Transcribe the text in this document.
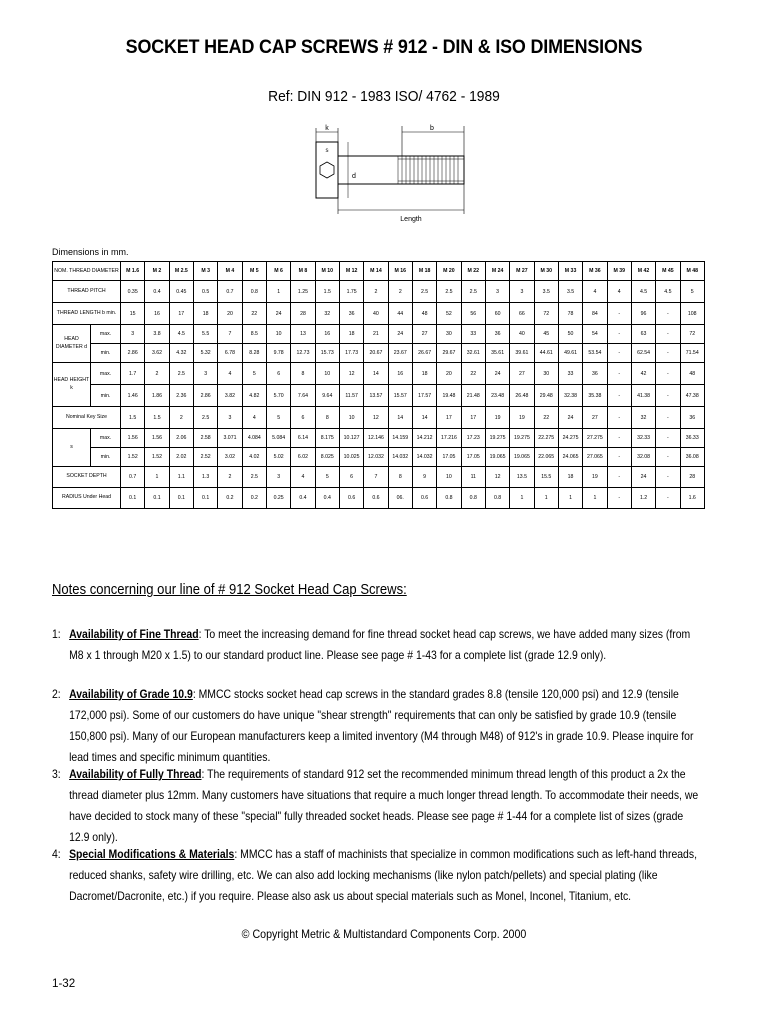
SOCKET HEAD CAP SCREWS # 912 - DIN & ISO DIMENSIONS
Ref: DIN 912 - 1983 ISO/ 4762 - 1989
k	b
s
d
Length
Dimensions in mm.
NOM. THREAD DIAMETER		M 1.6	M 2	M 2.5	M 3	M 4	M 5	M 6	M 8	M 10	M 12	M 14	M 16	M 18	M 20	M 22	M 24	M 27	M 30	M 33	M 36	M 39	M 42	M 45	M 48
THREAD PITCH		0.35	0.4	0.45	0.5	0.7	0.8	1	1.25	1.5	1.75	2	2	2.5	2.5	2.5	3	3	3.5	3.5	4	4	4.5	4.5	5
THREAD LENGTH b min.		15	16	17	18	20	22	24	28	32	36	40	44	48	52	56	60	66	72	78	84	-	96	-	108
HEAD DIAMETER d	max.	3	3.8	4.5	5.5	7	8.5	10	13	16	18	21	24	27	30	33	36	40	45	50	54	-	63	-	72
	min.	2.86	3.62	4.32	5.32	6.78	8.28	9.78	12.73	15.73	17.73	20.67	23.67	26.67	29.67	32.61	35.61	39.61	44.61	49.61	53.54	-	62.54	-	71.54
HEAD HEIGHT k	max.	1.7	2	2.5	3	4	5	6	8	10	12	14	16	18	20	22	24	27	30	33	36	-	42	-	48
	min.	1.46	1.86	2.36	2.86	3.82	4.82	5.70	7.64	9.64	11.57	13.57	15.57	17.57	19.48	21.48	23.48	26.48	29.48	32.38	35.38	-	41.38	-	47.38
Nominal Key Size		1.5	1.5	2	2.5	3	4	5	6	8	10	12	14	14	17	17	19	19	22	24	27	-	32	-	36
s	max.	1.56	1.56	2.06	2.58	3.071	4.084	5.084	6.14	8.175	10.127	12.146	14.159	14.212	17.216	17.23	19.275	19.275	22.275	24.275	27.275	-	32.33	-	36.33
	min.	1.52	1.52	2.02	2.52	3.02	4.02	5.02	6.02	8.025	10.025	12.032	14.032	14.032	17.05	17.05	19.065	19.065	22.065	24.065	27.065	-	32.08	-	36.08
SOCKET DEPTH		0.7	1	1.1	1.3	2	2.5	3	4	5	6	7	8	9	10	11	12	13.5	15.5	18	19	-	24	-	28
RADIUS Under Head		0.1	0.1	0.1	0.1	0.2	0.2	0.25	0.4	0.4	0.6	0.6	06.	0.6	0.8	0.8	0.8	1	1	1	1	-	1.2	-	1.6
Notes concerning our line of # 912 Socket Head Cap Screws:
1: Availability of Fine Thread: To meet the increasing demand for fine thread socket head cap screws, we have added many sizes (from M8 x 1 through M20 x 1.5) to our standard product line. Please see page # 1-43 for a complete list (grade 12.9 only).
2: Availability of Grade 10.9: MMCC stocks socket head cap screws in the standard grades 8.8 (tensile 120,000 psi) and 12.9 (tensile 172,000 psi). Some of our customers do have unique "shear strength" requirements that can only be satisfied by grade 10.9 (tensile 150,800 psi). Many of our European manufacturers keep a limited inventory (M4 through M48) of 912's in grade 10.9. Please inquire for lead times and specific minimum quantities.
3: Availability of Fully Thread: The requirements of standard 912 set the recommended minimum thread length of this product a 2x the thread diameter plus 12mm. Many customers have situations that require a much longer thread length. To accommodate their needs, we have decided to stock many of these "special" fully threaded socket heads. Please see page # 1-44 for a complete list of sizes (grade 12.9 only).
4: Special Modifications & Materials: MMCC has a staff of machinists that specialize in common modifications such as left-hand threads, reduced shanks, safety wire drilling, etc. We can also add locking mechanisms (like nylon patch/pellets) and special plating (like Dacromet/Dacronite, etc.) if you require. Please also ask us about special materials such as Monel, Inconel, Titanium, etc.
© Copyright Metric & Multistandard Components Corp. 2000
1-32
